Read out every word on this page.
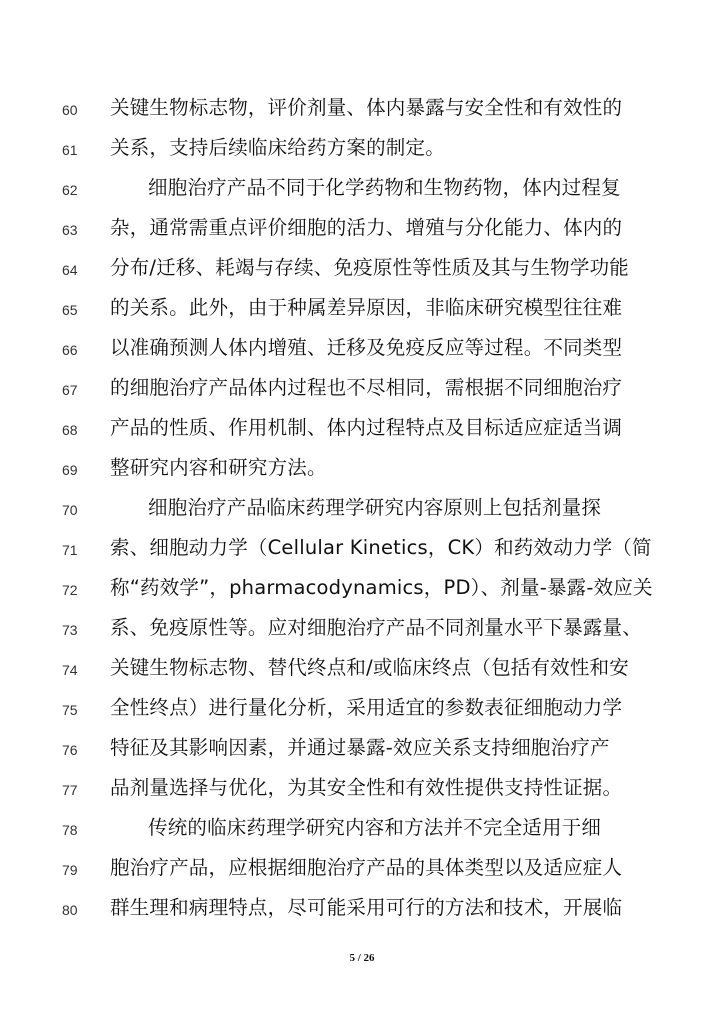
60	关键生物标志物，评价剂量、体内暴露与安全性和有效性的
61	关系，支持后续临床给药方案的制定。
62	细胞治疗产品不同于化学药物和生物药物，体内过程复
63	杂，通常需重点评价细胞的活力、增殖与分化能力、体内的
64	分布/迁移、耗竭与存续、免疫原性等性质及其与生物学功能
65	的关系。此外，由于种属差异原因，非临床研究模型往往难
66	以准确预测人体内增殖、迁移及免疫反应等过程。不同类型
67	的细胞治疗产品体内过程也不尽相同，需根据不同细胞治疗
68	产品的性质、作用机制、体内过程特点及目标适应症适当调
69	整研究内容和研究方法。
70	细胞治疗产品临床药理学研究内容原则上包括剂量探
71	索、细胞动力学（Cellular Kinetics，CK）和药效动力学（简
72	称“药效学”，pharmacodynamics，PD）、剂量-暴露-效应关
73	系、免疫原性等。应对细胞治疗产品不同剂量水平下暴露量、
74	关键生物标志物、替代终点和/或临床终点（包括有效性和安
75	全性终点）进行量化分析，采用适宜的参数表征细胞动力学
76	特征及其影响因素，并通过暴露-效应关系支持细胞治疗产
77	品剂量选择与优化，为其安全性和有效性提供支持性证据。
78	传统的临床药理学研究内容和方法并不完全适用于细
79	胞治疗产品，应根据细胞治疗产品的具体类型以及适应症人
80	群生理和病理特点，尽可能采用可行的方法和技术，开展临
5 / 26
